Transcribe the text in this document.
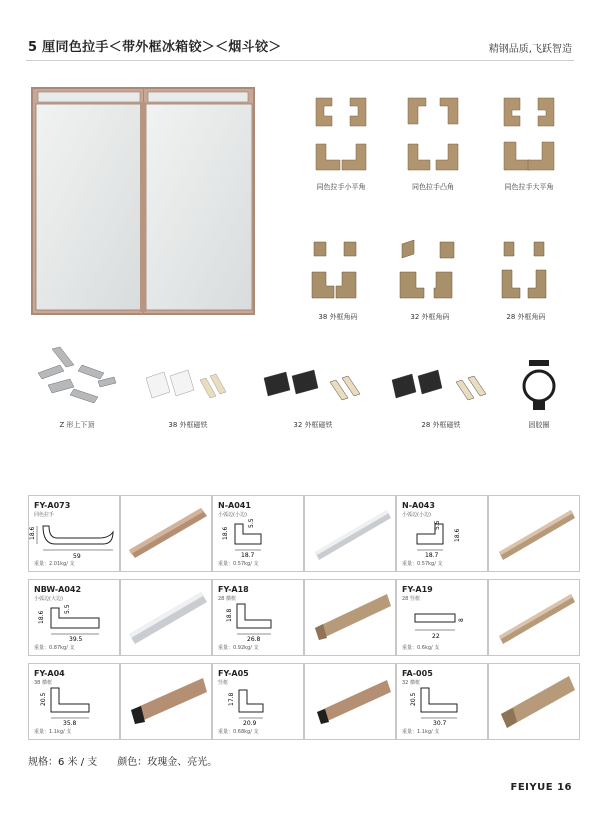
5 厘同色拉手＜带外框冰箱铰＞＜烟斗铰＞	精钢品质,飞跃智造
同色拉手小平角	同色拉手凸角	同色拉手大平角
38 外框角码	32 外框角码	28 外框角码
Z 形上下顶	38 外框磁铁	32 外框磁铁	28 外框磁铁	固胶圈
FY-A073
同色拉手
18.6
59
重量：2.01kg/ 支
N-A041
小弧边(小边)
18.6
5.5
18.7
重量：0.57kg/ 支
N-A043
小弧边(小边)
5.5
18.6
18.7
重量：0.57kg/ 支
NBW-A042
小弧边(大边)
18.6
5.5
39.5
重量：0.87kg/ 支
FY-A18
28 横框
18.8
26.8
重量：0.92kg/ 支
FY-A19
28 竖框
8
22
重量：0.6kg/ 支
FY-A04
38 横框
20.5
35.8
重量：1.1kg/ 支
FY-A05
竖框
17.8
20.9
重量：0.68kg/ 支
FA-005
32 横框
20.5
30.7
重量：1.1kg/ 支
规格：6 米 / 支　　颜色：玫瑰金、亮光。
FEIYUE 16
